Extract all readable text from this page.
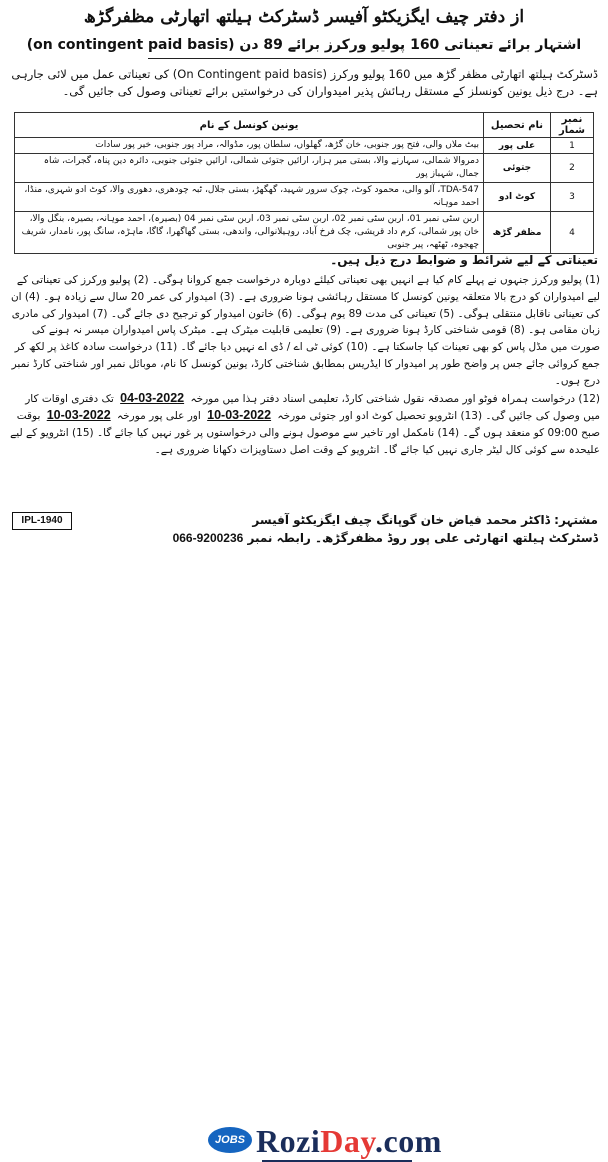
از دفتر چیف ایگزیکٹو آفیسر ڈسٹرکٹ ہیلتھ اتھارٹی مظفرگڑھ
اشتہار برائے تعیناتی 160 پولیو ورکرز برائے 89 دن (on contingent paid basis)
ڈسٹرکٹ ہیلتھ اتھارٹی مظفر گڑھ میں 160 پولیو ورکرز (On Contingent paid basis) کی تعیناتی عمل میں لائی جارہی ہے۔ درج ذیل یونین کونسلز کے مستقل رہائش پذیر امیدواران کی درخواستیں برائے تعیناتی وصول کی جائیں گی۔
نمبر شمار	نام تحصیل	یونین کونسل کے نام
1	علی پور	بیٹ ملاں والی، فتح پور جنوبی، خان گڑھ، گھلواں، سلطان پور، مڈوالہ، مراد پور جنوبی، خیر پور سادات
2	جتوئی	دمروالا شمالی، سہارنے والا، بستی میر ہزار، ارائیں جتوئی شمالی، ارائیں جتوئی جنوبی، دائرہ دین پناہ، گجرات، شاہ جمال، شہباز پور
3	کوٹ ادو	TDA-547، آلو والی، محمود کوٹ، چوک سرور شہید، گھگھڑ، بستی جلال، ٹبہ چودھری، دھوری والا، کوٹ ادو شہری، منڈا، احمد موہانہ
4	مظفر گڑھ	اربن سٹی نمبر 01، اربن سٹی نمبر 02، اربن سٹی نمبر 03، اربن سٹی نمبر 04 (بصیرہ)، احمد موہانہ، بصیرہ، بنگل والا، خان پور شمالی، کرم داد قریشی، چک فرخ آباد، روہیلانوالی، واندھی، بستی گھاگھرا، گاگا، ماہڑہ، سانگ پور، نامدار، شریف چھجوہ، ٹھٹھہ، پیر جنوبی
تعیناتی کے لیے شرائط و ضوابط درج ذیل ہیں۔

(1) پولیو ورکرز جنہوں نے پہلے کام کیا ہے انہیں بھی تعیناتی کیلئے دوبارہ درخواست جمع کروانا ہوگی۔ (2) پولیو ورکرز کی تعیناتی کے لیے امیدواران کو درج بالا متعلقہ یونین کونسل کا مستقل رہائشی ہونا ضروری ہے۔ (3) امیدوار کی عمر 20 سال سے زیادہ ہو۔ (4) ان کی تعیناتی ناقابل منتقلی ہوگی۔ (5) تعیناتی کی مدت 89 یوم ہوگی۔ (6) خاتون امیدوار کو ترجیح دی جائے گی۔ (7) امیدوار کی مادری زبان مقامی ہو۔ (8) قومی شناختی کارڈ ہونا ضروری ہے۔ (9) تعلیمی قابلیت میٹرک ہے۔ میٹرک پاس امیدواران میسر نہ ہونے کی صورت میں مڈل پاس کو بھی تعینات کیا جاسکتا ہے۔ (10) کوئی ٹی اے / ڈی اے نہیں دیا جائے گا۔ (11) درخواست سادہ کاغذ پر لکھ کر جمع کروائی جائے جس پر واضح طور پر امیدوار کا ایڈریس بمطابق شناختی کارڈ، یونین کونسل کا نام، موبائل نمبر اور شناختی کارڈ نمبر درج ہوں۔

(12) درخواست ہمراہ فوٹو اور مصدقہ نقول شناختی کارڈ، تعلیمی اسناد دفتر ہذا میں مورخہ 04-03-2022 تک دفتری اوقات کار میں وصول کی جائیں گی۔ (13) انٹرویو تحصیل کوٹ ادو اور جتوئی مورخہ 10-03-2022 اور علی پور مورخہ 10-03-2022 بوقت صبح 09:00 کو منعقد ہوں گے۔ (14) نامکمل اور تاخیر سے موصول ہونے والی درخواستوں پر غور نہیں کیا جائے گا۔ (15) انٹرویو کے لیے علیحدہ سے کوئی کال لیٹر جاری نہیں کیا جائے گا۔ انٹرویو کے وقت اصل دستاویزات دکھانا ضروری ہے۔

IPL-1940	مشتہر: ڈاکٹر محمد فیاض خان گوپانگ چیف ایگزیکٹو آفیسر
ڈسٹرکٹ ہیلتھ اتھارٹی علی پور روڈ مظفرگڑھ۔ رابطہ نمبر 066-9200236
JOBS RoziDay.com
